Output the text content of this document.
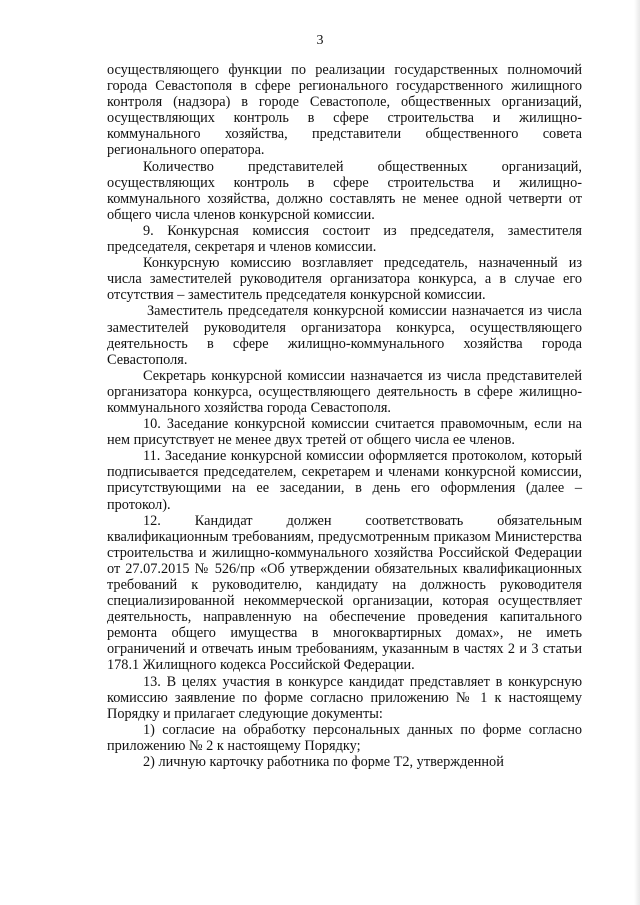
3

осуществляющего функции по реализации государственных полномочий города Севастополя в сфере регионального государственного жилищного контроля (надзора) в городе Севастополе, общественных организаций, осуществляющих контроль в сфере строительства и жилищно-коммунального хозяйства, представители общественного совета регионального оператора.

Количество представителей общественных организаций, осуществляющих контроль в сфере строительства и жилищно-коммунального хозяйства, должно составлять не менее одной четверти от общего числа членов конкурсной комиссии.

9. Конкурсная комиссия состоит из председателя, заместителя председателя, секретаря и членов комиссии.

Конкурсную комиссию возглавляет председатель, назначенный из числа заместителей руководителя организатора конкурса, а в случае его отсутствия – заместитель председателя конкурсной комиссии.

Заместитель председателя конкурсной комиссии назначается из числа заместителей руководителя организатора конкурса, осуществляющего деятельность в сфере жилищно-коммунального хозяйства города Севастополя.

Секретарь конкурсной комиссии назначается из числа представителей организатора конкурса, осуществляющего деятельность в сфере жилищно-коммунального хозяйства города Севастополя.

10. Заседание конкурсной комиссии считается правомочным, если на нем присутствует не менее двух третей от общего числа ее членов.

11. Заседание конкурсной комиссии оформляется протоколом, который подписывается председателем, секретарем и членами конкурсной комиссии, присутствующими на ее заседании, в день его оформления (далее – протокол).

12. Кандидат должен соответствовать обязательным квалификационным требованиям, предусмотренным приказом Министерства строительства и жилищно-коммунального хозяйства Российской Федерации от 27.07.2015 № 526/пр «Об утверждении обязательных квалификационных требований к руководителю, кандидату на должность руководителя специализированной некоммерческой организации, которая осуществляет деятельность, направленную на обеспечение проведения капитального ремонта общего имущества в многоквартирных домах», не иметь ограничений и отвечать иным требованиям, указанным в частях 2 и 3 статьи 178.1 Жилищного кодекса Российской Федерации.

13. В целях участия в конкурсе кандидат представляет в конкурсную комиссию заявление по форме согласно приложению № 1 к настоящему Порядку и прилагает следующие документы:

1) согласие на обработку персональных данных по форме согласно приложению № 2 к настоящему Порядку;

2) личную карточку работника по форме Т2, утвержденной
